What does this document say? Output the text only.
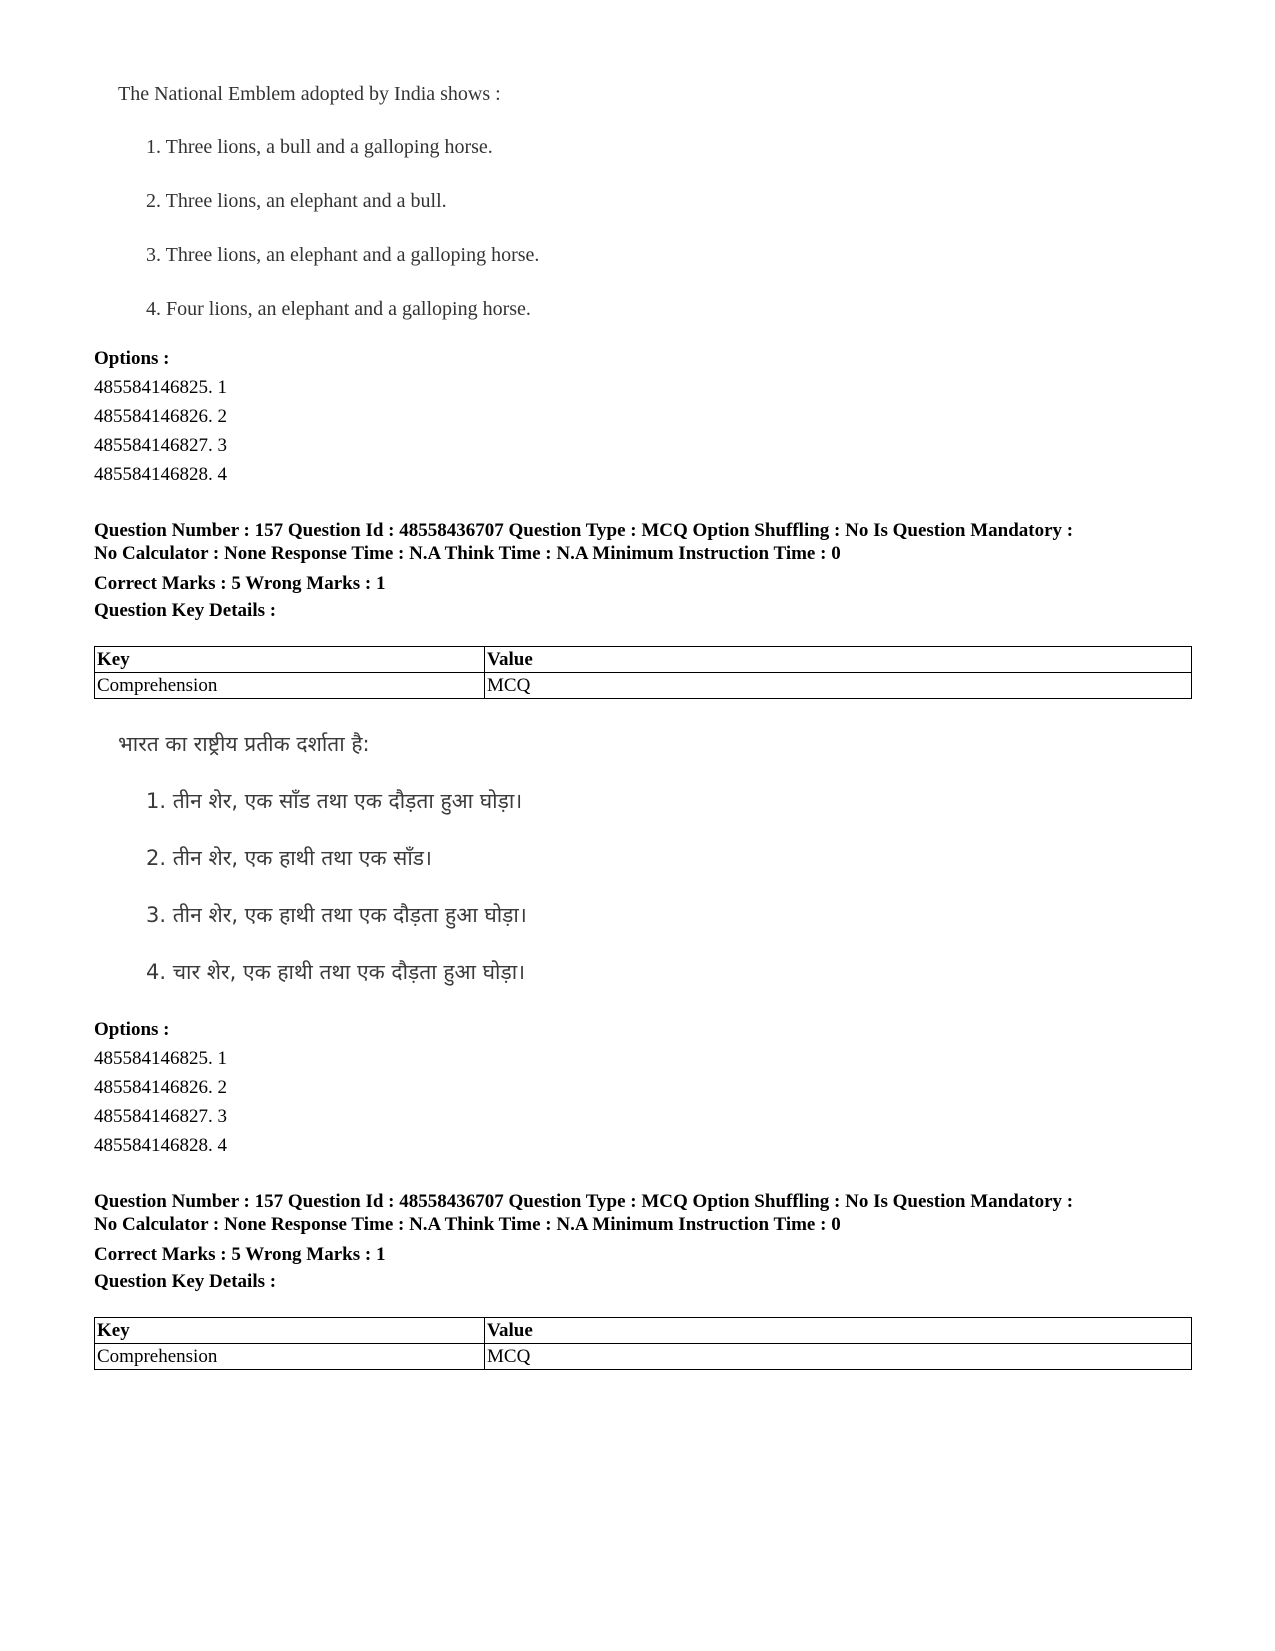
The National Emblem adopted by India shows :

1. Three lions, a bull and a galloping horse.

2. Three lions, an elephant and a bull.

3. Three lions, an elephant and a galloping horse.

4. Four lions, an elephant and a galloping horse.

Options :
485584146825. 1
485584146826. 2
485584146827. 3
485584146828. 4
Question Number : 157 Question Id : 48558436707 Question Type : MCQ Option Shuffling : No Is Question Mandatory :
No Calculator : None Response Time : N.A Think Time : N.A Minimum Instruction Time : 0
Correct Marks : 5 Wrong Marks : 1
Question Key Details :
Key	Value
Comprehension	MCQ

भारत का राष्ट्रीय प्रतीक दर्शाता है:

1. तीन शेर, एक साँड तथा एक दौड़ता हुआ घोड़ा।

2. तीन शेर, एक हाथी तथा एक साँड।

3. तीन शेर, एक हाथी तथा एक दौड़ता हुआ घोड़ा।

4. चार शेर, एक हाथी तथा एक दौड़ता हुआ घोड़ा।

Options :
485584146825. 1
485584146826. 2
485584146827. 3
485584146828. 4
Question Number : 157 Question Id : 48558436707 Question Type : MCQ Option Shuffling : No Is Question Mandatory :
No Calculator : None Response Time : N.A Think Time : N.A Minimum Instruction Time : 0
Correct Marks : 5 Wrong Marks : 1
Question Key Details :
Key	Value
Comprehension	MCQ
